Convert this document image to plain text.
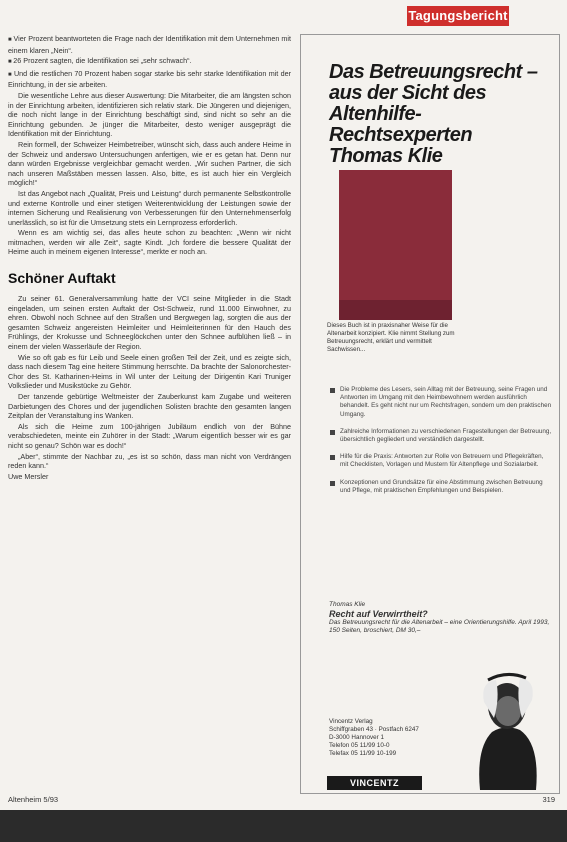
Tagungsbericht

■ Vier Prozent beantworteten die Frage nach der Identifikation mit dem Unternehmen mit einem klaren „Nein“.

■ 26 Prozent sagten, die Identifikation sei „sehr schwach“.

■ Und die restlichen 70 Prozent haben sogar starke bis sehr starke Identifikation mit der Einrichtung, in der sie arbeiten.

Die wesentliche Lehre aus dieser Auswertung: Die Mitarbeiter, die am längsten schon in der Einrichtung arbeiten, identifizieren sich relativ stark. Die Jüngeren und diejenigen, die noch nicht lange in der Einrichtung beschäftigt sind, sind nicht so sehr an die Einrichtung gebunden. Je jünger die Mitarbeiter, desto weniger ausgeprägt die Identifikation mit der Einrichtung.

Rein formell, der Schweizer Heimbetreiber, wünscht sich, dass auch andere Heime in der Schweiz und anderswo Untersuchungen anfertigen, wie er es getan hat. Denn nur dann würden Ergebnisse vergleichbar gemacht werden. „Wir suchen Partner, die sich nach unseren Maßstäben messen lassen. Also, bitte, es ist auch hier ein Vergleich möglich!“

Ist das Angebot nach „Qualität, Preis und Leistung“ durch permanente Selbstkontrolle und externe Kontrolle und einer stetigen Weiterentwicklung der Leistungen sowie der internen Sicherung und Realisierung von Verbesserungen für den Unternehmenserfolg unerlässlich, so ist für die Umsetzung stets ein Lernprozess erforderlich.

Wenn es am wichtig sei, das alles heute schon zu beachten: „Wenn wir nicht mitmachen, werden wir alle Zeit“, sagte Kindt. „Ich fordere die bessere Qualität der Heime auch in meinem eigenen Interesse“, merkte er noch an.

Schöner Auftakt

Zu seiner 61. Generalversammlung hatte der VCI seine Mitglieder in die Stadt eingeladen, um seinen ersten Auftakt der Ost-Schweiz, rund 11.000 Einwohner, zu ehren. Obwohl noch Schnee auf den Straßen und Bergwegen lag, sorgten die aus der gesamten Schweiz angereisten Heimleiter und Heimleiterinnen für den Hauch des Frühlings, der Krokusse und Schneeglöckchen unter den Schnee aufblühen ließ – in einem der vielen Wasserläufe der Region.

Wie so oft gab es für Leib und Seele einen großen Teil der Zeit, und es zeigte sich, dass nach diesem Tag eine heitere Stimmung herrschte. Da brachte der Salonorchester-Chor des St. Katharinen-Heims in Wil unter der Leitung der Dirigentin Kari Truniger Volkslieder und Musikstücke zu Gehör.

Der tanzende gebürtige Weltmeister der Zauberkunst kam Zugabe und weiteren Darbietungen des Chores und der jugendlichen Solisten brachte den gesamten langen Zeitplan der Veranstaltung ins Wanken.

Als sich die Heime zum 100-jährigen Jubiläum endlich von der Bühne verabschiedeten, meinte ein Zuhörer in der Stadt: „Warum eigentlich besser wir es gar nicht so genau? Schön war es doch!“

„Aber“, stimmte der Nachbar zu, „es ist so schön, dass man nicht von Verdrängen reden kann.“

Uwe Mersler

Das Betreuungsrecht – aus der Sicht des Altenhilfe-Rechtsexperten Thomas Klie
Dieses Buch ist in praxisnaher Weise für die Altenarbeit konzipiert. Klie nimmt Stellung zum Betreuungsrecht, erklärt und vermittelt Sachwissen...
Die Probleme des Lesers, sein Alltag mit der Betreuung, seine Fragen und Antworten im Umgang mit den Heimbewohnern werden ausführlich behandelt. Es geht nicht nur um Rechtsfragen, sondern um den praktischen Umgang.
Zahlreiche Informationen zu verschiedenen Fragestellungen der Betreuung, übersichtlich gegliedert und verständlich dargestellt.
Hilfe für die Praxis: Antworten zur Rolle von Betreuern und Pflegekräften, mit Checklisten, Vorlagen und Mustern für Altenpflege und Sozialarbeit.
Konzeptionen und Grundsätze für eine Abstimmung zwischen Betreuung und Pflege, mit praktischen Empfehlungen und Beispielen.
Thomas Klie
Recht auf Verwirrtheit?
Das Betreuungsrecht für die Altenarbeit – eine Orientierungshilfe. April 1993, 150 Seiten, broschiert, DM 30,–
Vincentz Verlag
Schiffgraben 43 · Postfach 6247
D-3000 Hannover 1
Telefon 05 11/99 10-0
Telefax 05 11/99 10-199
VINCENTZ
Altenheim 5/93	319
